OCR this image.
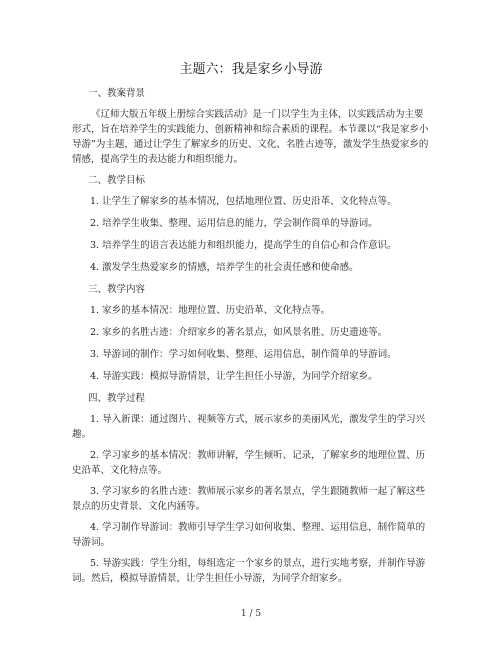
主题六：我是家乡小导游

一、教案背景

《辽师大版五年级上册综合实践活动》是一门以学生为主体，以实践活动为主要形式，旨在培养学生的实践能力、创新精神和综合素质的课程。本节课以“我是家乡小导游”为主题，通过让学生了解家乡的历史、文化、名胜古迹等，激发学生热爱家乡的情感，提高学生的表达能力和组织能力。

二、教学目标

1. 让学生了解家乡的基本情况，包括地理位置、历史沿革、文化特点等。

2. 培养学生收集、整理、运用信息的能力，学会制作简单的导游词。

3. 培养学生的语言表达能力和组织能力，提高学生的自信心和合作意识。

4. 激发学生热爱家乡的情感，培养学生的社会责任感和使命感。

三、教学内容

1. 家乡的基本情况：地理位置、历史沿革、文化特点等。

2. 家乡的名胜古迹：介绍家乡的著名景点，如风景名胜、历史遗迹等。

3. 导游词的制作：学习如何收集、整理、运用信息，制作简单的导游词。

4. 导游实践：模拟导游情景，让学生担任小导游，为同学介绍家乡。

四、教学过程

1. 导入新课：通过图片、视频等方式，展示家乡的美丽风光，激发学生的学习兴趣。

2. 学习家乡的基本情况：教师讲解，学生倾听、记录，了解家乡的地理位置、历史沿革、文化特点等。

3. 学习家乡的名胜古迹：教师展示家乡的著名景点，学生跟随教师一起了解这些景点的历史背景、文化内涵等。

4. 学习制作导游词：教师引导学生学习如何收集、整理、运用信息，制作简单的导游词。

5. 导游实践：学生分组，每组选定一个家乡的景点，进行实地考察，并制作导游词。然后，模拟导游情景，让学生担任小导游，为同学介绍家乡。

1 / 5
